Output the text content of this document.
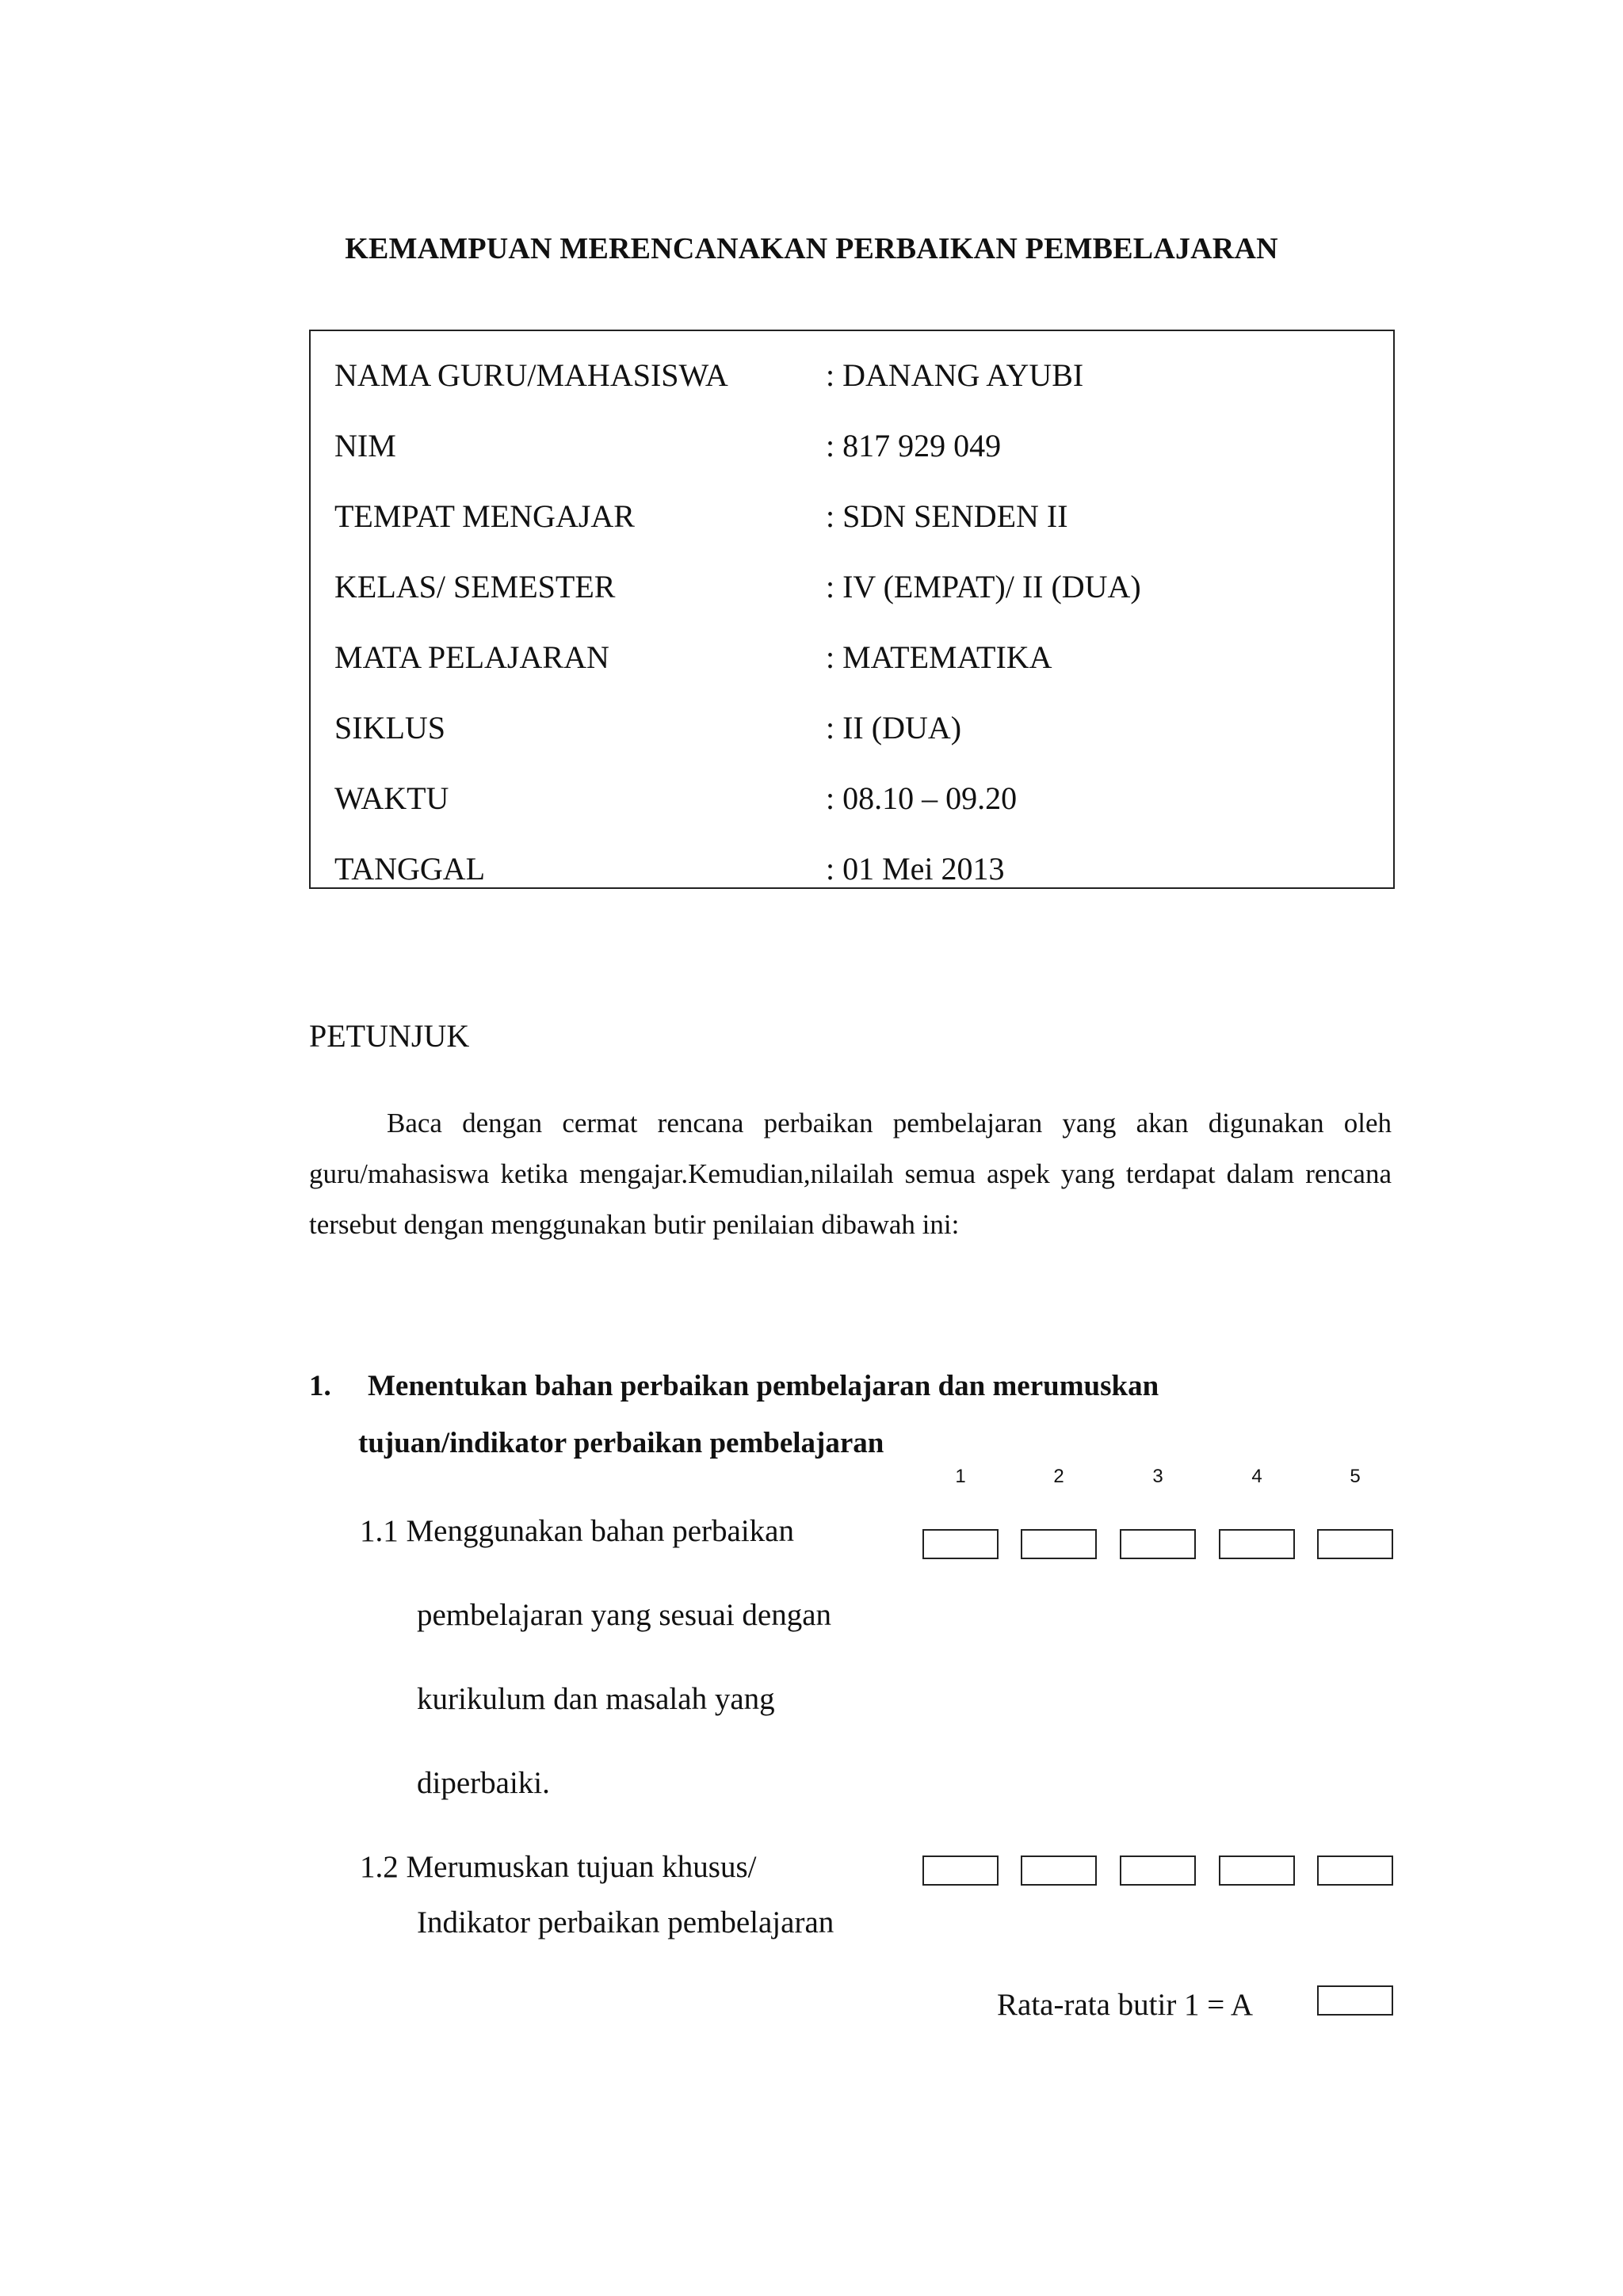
KEMAMPUAN MERENCANAKAN PERBAIKAN PEMBELAJARAN
NAMA GURU/MAHASISWA	: DANANG AYUBI
NIM	: 817 929 049
TEMPAT MENGAJAR	: SDN SENDEN II
KELAS/ SEMESTER	: IV (EMPAT)/ II (DUA)
MATA PELAJARAN	: MATEMATIKA
SIKLUS	: II (DUA)
WAKTU	: 08.10 – 09.20
TANGGAL	: 01 Mei 2013
PETUNJUK
Baca dengan cermat rencana perbaikan pembelajaran yang akan digunakan oleh guru/mahasiswa ketika mengajar.Kemudian,nilailah semua aspek yang terdapat dalam rencana tersebut dengan menggunakan butir penilaian dibawah ini:
1. Menentukan bahan perbaikan pembelajaran dan merumuskan
tujuan/indikator perbaikan pembelajaran
1	2	3	4	5
1.1 Menggunakan bahan perbaikan
pembelajaran yang sesuai dengan
kurikulum dan masalah yang
diperbaiki.
1.2 Merumuskan tujuan khusus/
Indikator perbaikan pembelajaran
Rata-rata butir 1 = A
